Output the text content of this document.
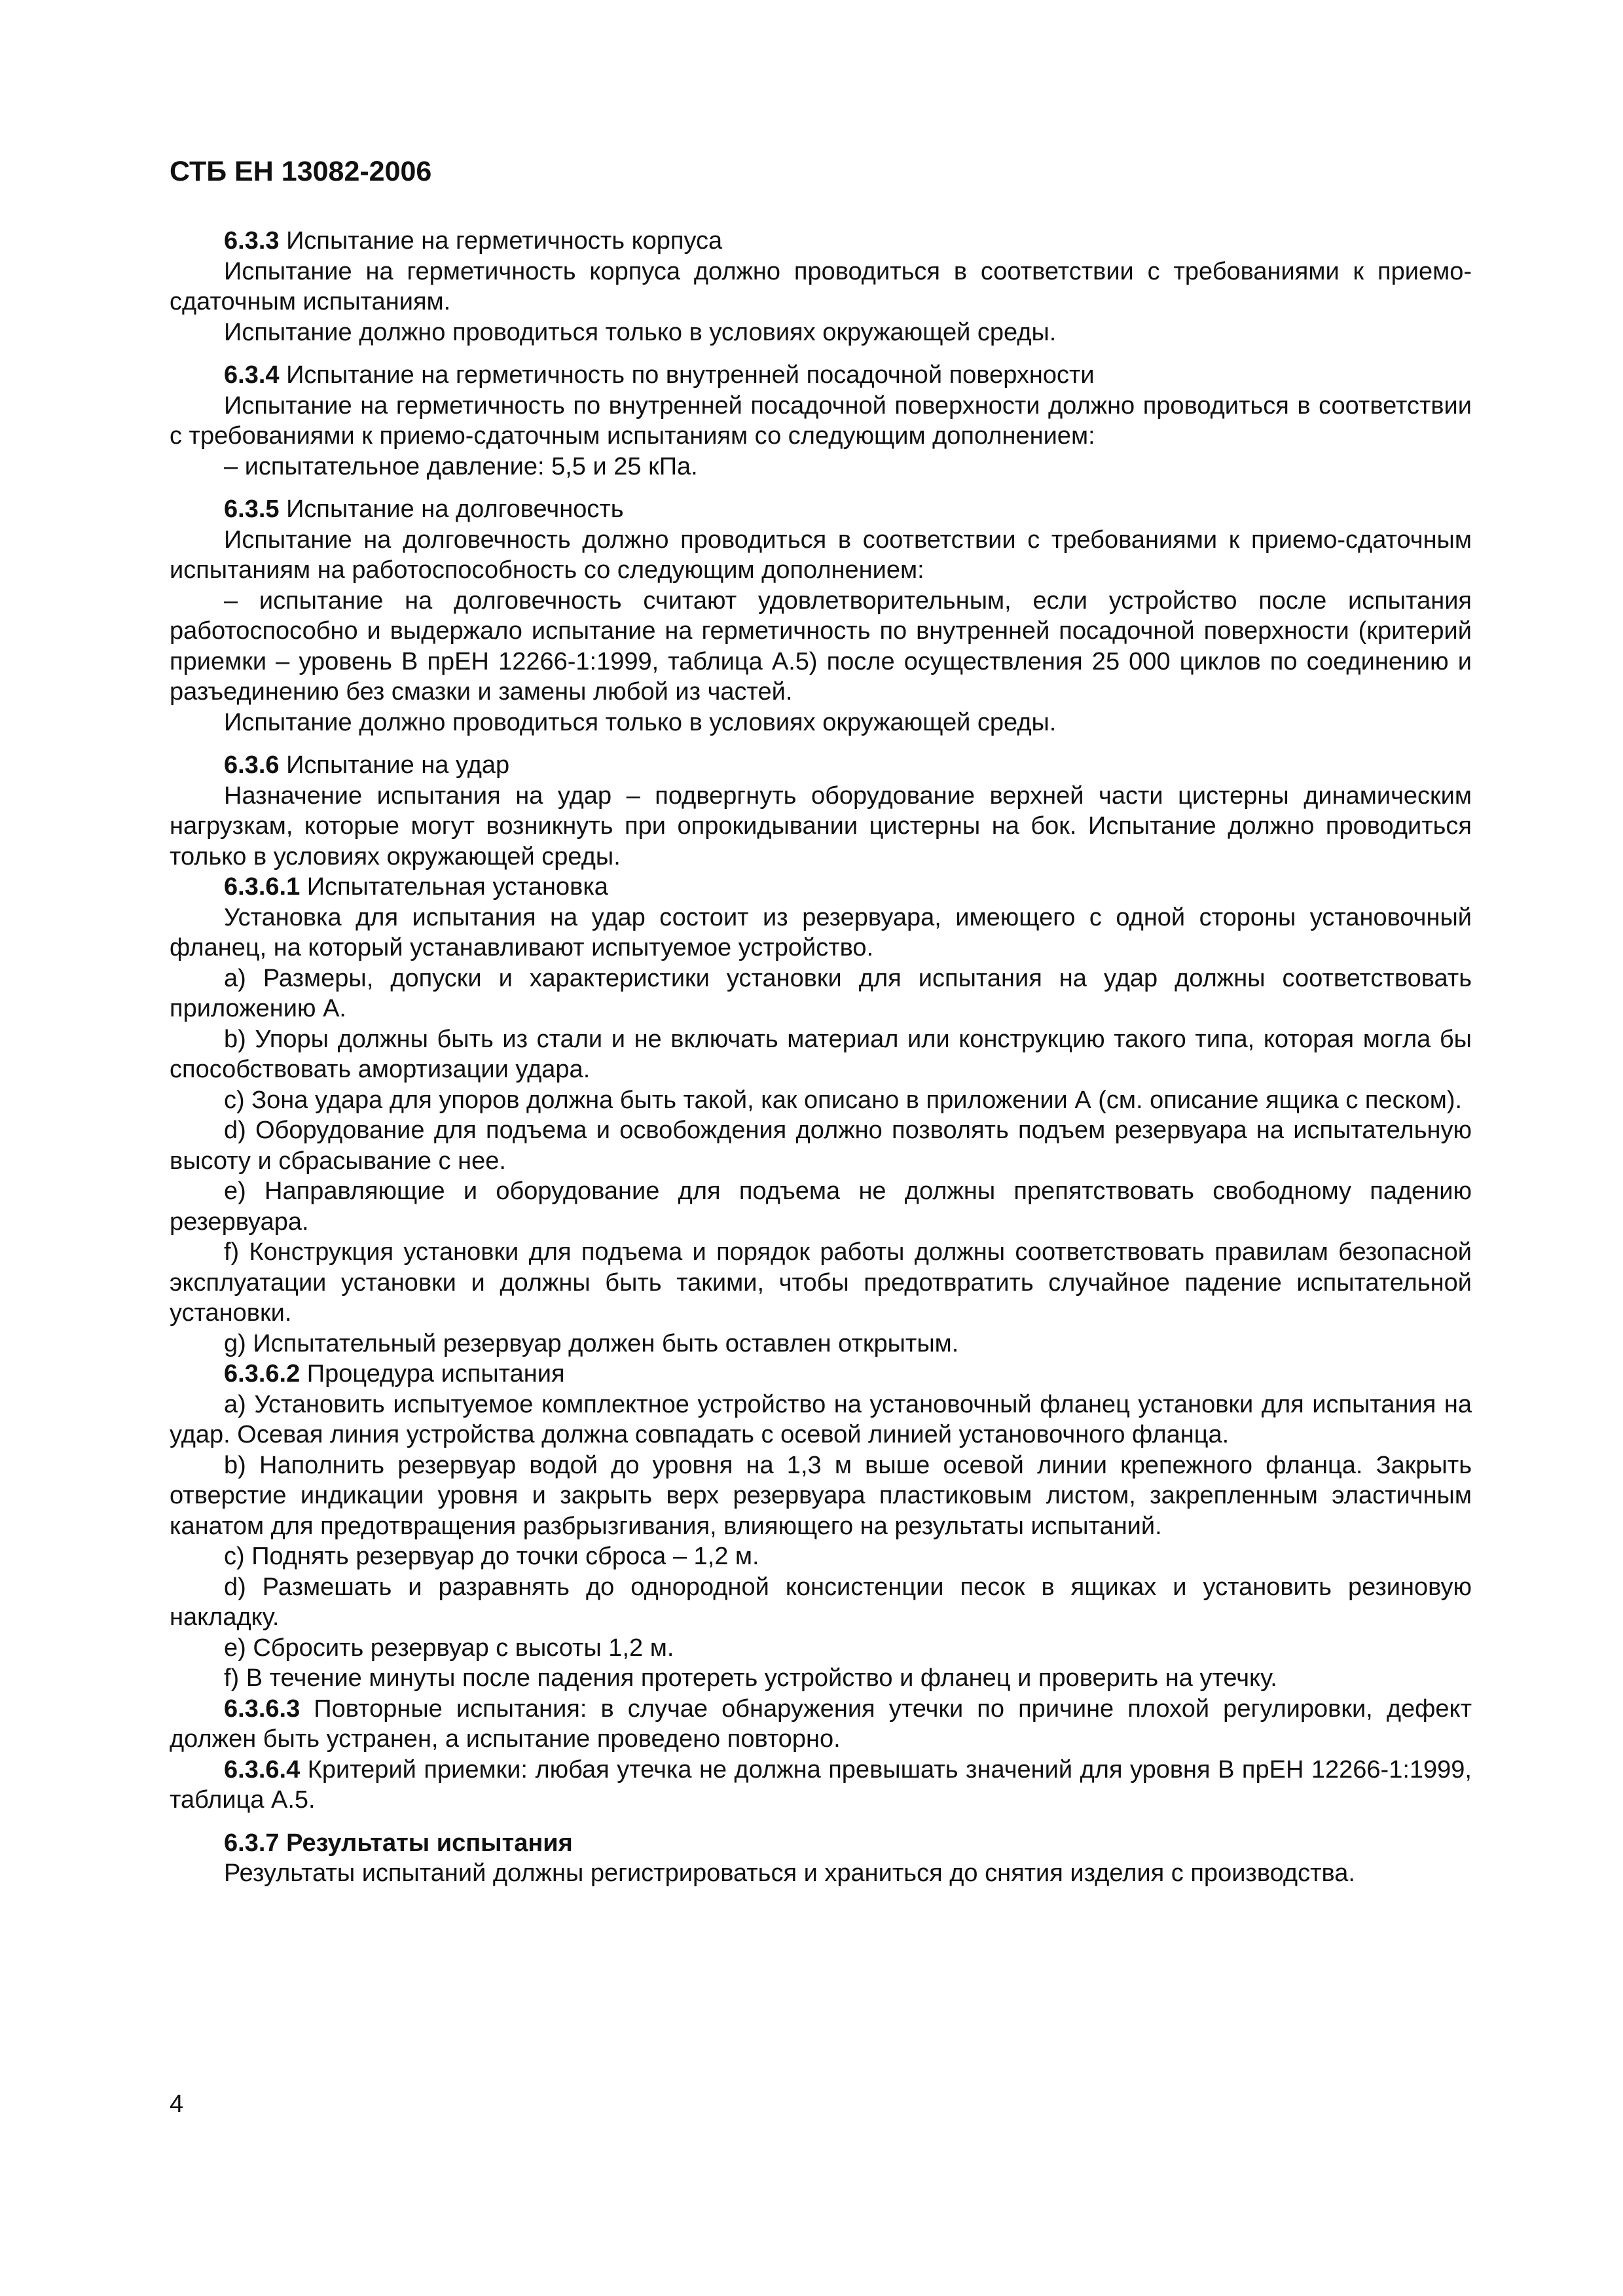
СТБ ЕН 13082-2006

6.3.3 Испытание на герметичность корпуса

Испытание на герметичность корпуса должно проводиться в соответствии с требованиями к приемо-сдаточным испытаниям.

Испытание должно проводиться только в условиях окружающей среды.

6.3.4 Испытание на герметичность по внутренней посадочной поверхности

Испытание на герметичность по внутренней посадочной поверхности должно проводиться в соответствии с требованиями к приемо-сдаточным испытаниям со следующим дополнением:

– испытательное давление: 5,5 и 25 кПа.

6.3.5 Испытание на долговечность

Испытание на долговечность должно проводиться в соответствии с требованиями к приемо-сдаточным испытаниям на работоспособность со следующим дополнением:

– испытание на долговечность считают удовлетворительным, если устройство после испытания работоспособно и выдержало испытание на герметичность по внутренней посадочной поверхности (критерий приемки – уровень B прЕН 12266-1:1999, таблица А.5) после осуществления 25 000 циклов по соединению и разъединению без смазки и замены любой из частей.

Испытание должно проводиться только в условиях окружающей среды.

6.3.6 Испытание на удар

Назначение испытания на удар – подвергнуть оборудование верхней части цистерны динамическим нагрузкам, которые могут возникнуть при опрокидывании цистерны на бок. Испытание должно проводиться только в условиях окружающей среды.

6.3.6.1 Испытательная установка

Установка для испытания на удар состоит из резервуара, имеющего с одной стороны установочный фланец, на который устанавливают испытуемое устройство.

a) Размеры, допуски и характеристики установки для испытания на удар должны соответствовать приложению А.

b) Упоры должны быть из стали и не включать материал или конструкцию такого типа, которая могла бы способствовать амортизации удара.

c) Зона удара для упоров должна быть такой, как описано в приложении А (см. описание ящика с песком).

d) Оборудование для подъема и освобождения должно позволять подъем резервуара на испытательную высоту и сбрасывание с нее.

e) Направляющие и оборудование для подъема не должны препятствовать свободному падению резервуара.

f) Конструкция установки для подъема и порядок работы должны соответствовать правилам безопасной эксплуатации установки и должны быть такими, чтобы предотвратить случайное падение испытательной установки.

g) Испытательный резервуар должен быть оставлен открытым.

6.3.6.2 Процедура испытания

a) Установить испытуемое комплектное устройство на установочный фланец установки для испытания на удар. Осевая линия устройства должна совпадать с осевой линией установочного фланца.

b) Наполнить резервуар водой до уровня на 1,3 м выше осевой линии крепежного фланца. Закрыть отверстие индикации уровня и закрыть верх резервуара пластиковым листом, закрепленным эластичным канатом для предотвращения разбрызгивания, влияющего на результаты испытаний.

c) Поднять резервуар до точки сброса – 1,2 м.

d) Размешать и разравнять до однородной консистенции песок в ящиках и установить резиновую накладку.

e) Сбросить резервуар с высоты 1,2 м.

f) В течение минуты после падения протереть устройство и фланец и проверить на утечку.

6.3.6.3 Повторные испытания: в случае обнаружения утечки по причине плохой регулировки, дефект должен быть устранен, а испытание проведено повторно.

6.3.6.4 Критерий приемки: любая утечка не должна превышать значений для уровня B прЕН 12266-1:1999, таблица А.5.

6.3.7 Результаты испытания

Результаты испытаний должны регистрироваться и храниться до снятия изделия с производства.

4
